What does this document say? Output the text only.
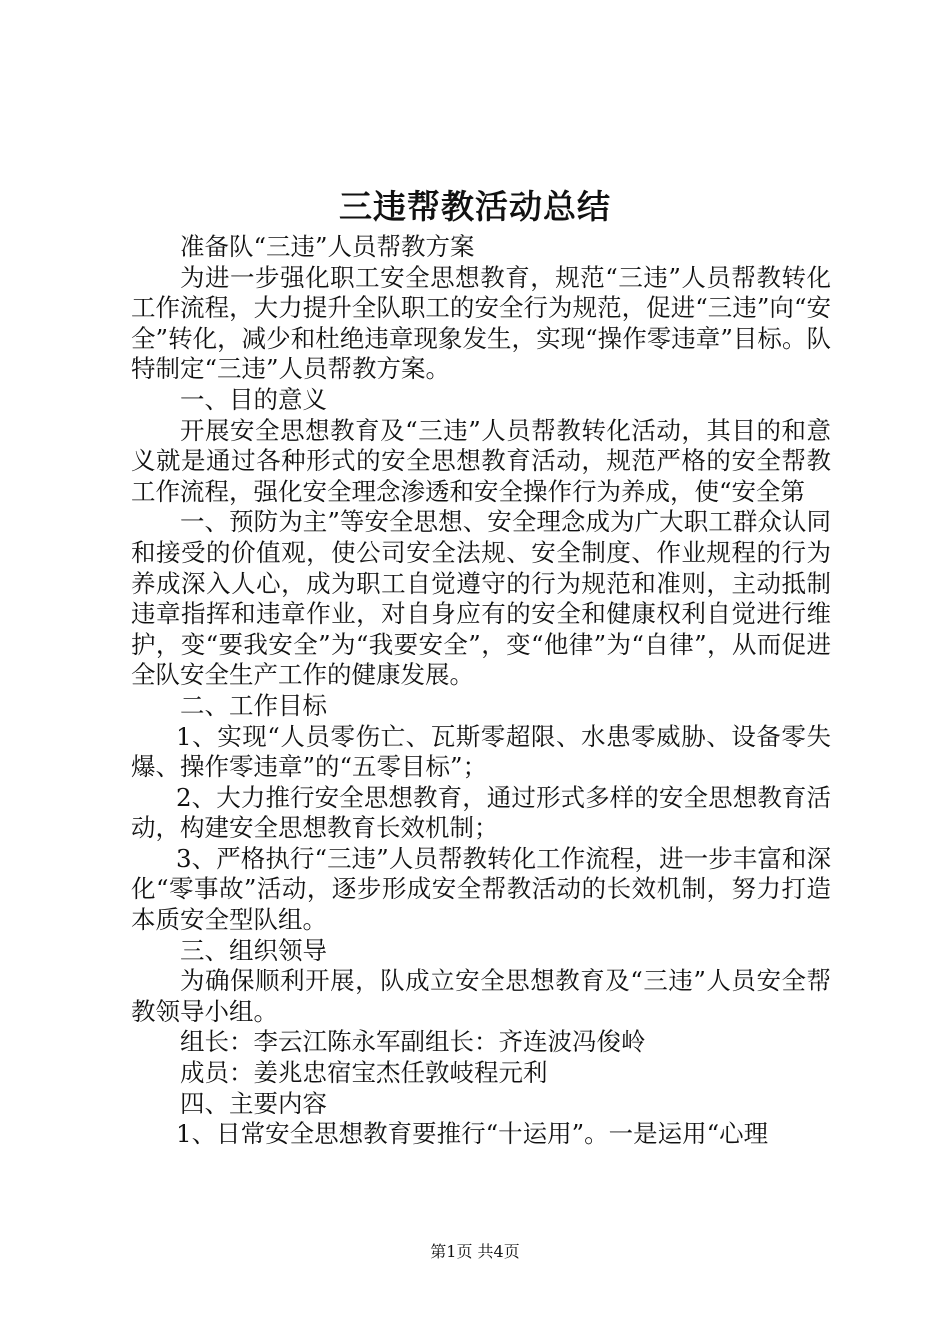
三违帮教活动总结

准备队“三违”人员帮教方案

为进一步强化职工安全思想教育，规范“三违”人员帮教转化工作流程，大力提升全队职工的安全行为规范，促进“三违”向“安全”转化，减少和杜绝违章现象发生，实现“操作零违章”目标。队特制定“三违”人员帮教方案。

一、目的意义

开展安全思想教育及“三违”人员帮教转化活动，其目的和意义就是通过各种形式的安全思想教育活动，规范严格的安全帮教工作流程，强化安全理念渗透和安全操作行为养成，使“安全第

一、预防为主”等安全思想、安全理念成为广大职工群众认同和接受的价值观，使公司安全法规、安全制度、作业规程的行为养成深入人心，成为职工自觉遵守的行为规范和准则，主动抵制违章指挥和违章作业，对自身应有的安全和健康权利自觉进行维护，变“要我安全”为“我要安全”，变“他律”为“自律”，从而促进全队安全生产工作的健康发展。

二、工作目标

1、实现“人员零伤亡、瓦斯零超限、水患零威胁、设备零失爆、操作零违章”的“五零目标”；

2、大力推行安全思想教育，通过形式多样的安全思想教育活动，构建安全思想教育长效机制；

3、严格执行“三违”人员帮教转化工作流程，进一步丰富和深化“零事故”活动，逐步形成安全帮教活动的长效机制，努力打造本质安全型队组。

三、组织领导

为确保顺利开展，队成立安全思想教育及“三违”人员安全帮教领导小组。

组长：李云江陈永军副组长：齐连波冯俊岭

成员：姜兆忠宿宝杰任敦岐程元利

四、主要内容

1、日常安全思想教育要推行“十运用”。一是运用“心理

第1页 共4页
